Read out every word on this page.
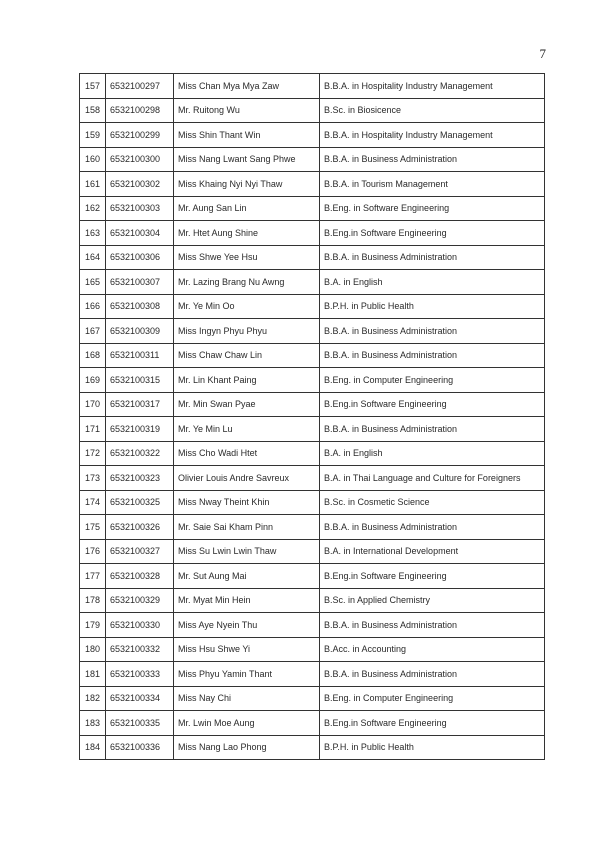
7
157	6532100297	Miss Chan Mya Mya Zaw	B.B.A. in Hospitality Industry Management
158	6532100298	Mr. Ruitong Wu	B.Sc. in Biosicence
159	6532100299	Miss Shin Thant Win	B.B.A. in Hospitality Industry Management
160	6532100300	Miss Nang Lwant Sang Phwe	B.B.A. in Business Administration
161	6532100302	Miss Khaing Nyi Nyi Thaw	B.B.A. in Tourism Management
162	6532100303	Mr. Aung San Lin	B.Eng. in Software Engineering
163	6532100304	Mr. Htet Aung Shine	B.Eng.in Software Engineering
164	6532100306	Miss Shwe Yee Hsu	B.B.A. in Business Administration
165	6532100307	Mr. Lazing Brang Nu Awng	B.A. in English
166	6532100308	Mr. Ye Min Oo	B.P.H. in Public Health
167	6532100309	Miss Ingyn Phyu Phyu	B.B.A. in Business Administration
168	6532100311	Miss Chaw Chaw Lin	B.B.A. in Business Administration
169	6532100315	Mr. Lin Khant Paing	B.Eng. in Computer Engineering
170	6532100317	Mr. Min Swan Pyae	B.Eng.in Software Engineering
171	6532100319	Mr. Ye Min Lu	B.B.A. in Business Administration
172	6532100322	Miss Cho Wadi Htet	B.A. in English
173	6532100323	Olivier Louis Andre Savreux	B.A. in Thai Language and Culture for Foreigners
174	6532100325	Miss Nway Theint Khin	B.Sc. in Cosmetic Science
175	6532100326	Mr. Saie Sai Kham Pinn	B.B.A. in Business Administration
176	6532100327	Miss Su Lwin Lwin Thaw	B.A. in International Development
177	6532100328	Mr. Sut Aung Mai	B.Eng.in Software Engineering
178	6532100329	Mr. Myat Min Hein	B.Sc. in Applied Chemistry
179	6532100330	Miss Aye Nyein Thu	B.B.A. in Business Administration
180	6532100332	Miss Hsu Shwe Yi	B.Acc. in Accounting
181	6532100333	Miss Phyu Yamin Thant	B.B.A. in Business Administration
182	6532100334	Miss Nay Chi	B.Eng. in Computer Engineering
183	6532100335	Mr. Lwin Moe Aung	B.Eng.in Software Engineering
184	6532100336	Miss Nang Lao Phong	B.P.H. in Public Health
